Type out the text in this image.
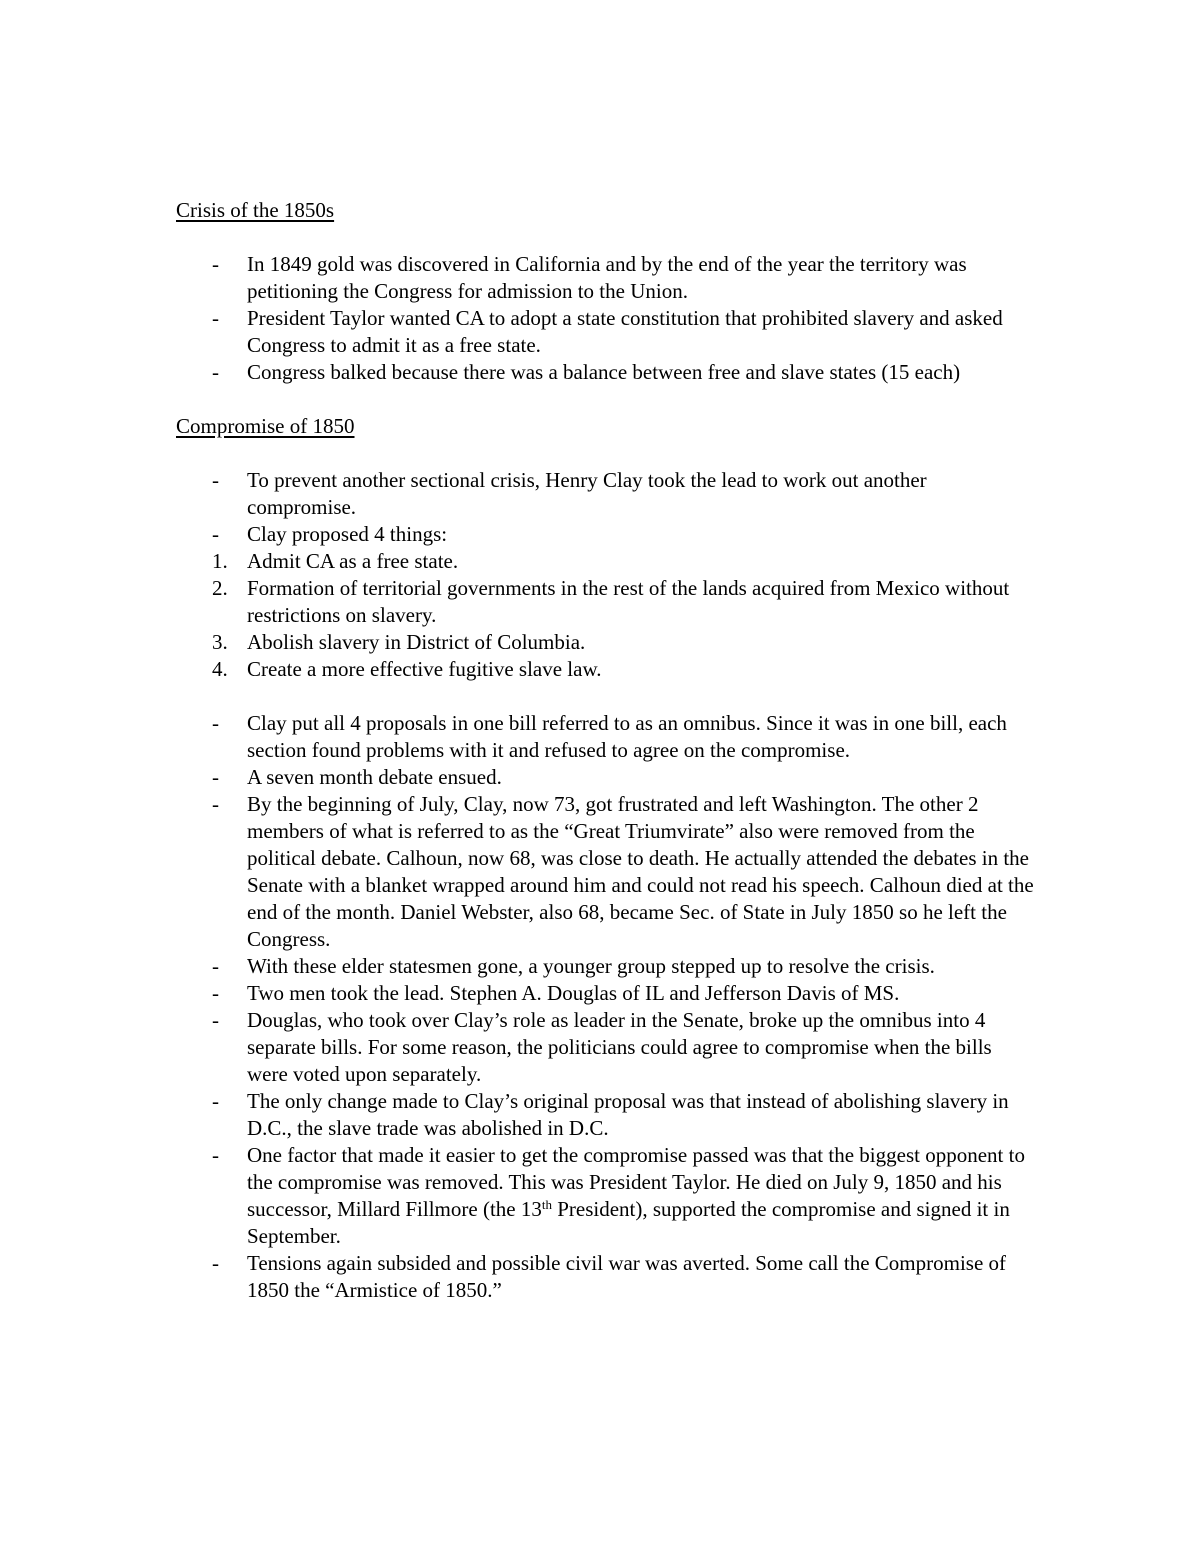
Crisis of the 1850s

-	In 1849 gold was discovered in California and by the end of the year the territory was petitioning the Congress for admission to the Union.
-	President Taylor wanted CA to adopt a state constitution that prohibited slavery and asked Congress to admit it as a free state.
-	Congress balked because there was a balance between free and slave states (15 each)

Compromise of 1850

-	To prevent another sectional crisis, Henry Clay took the lead to work out another compromise.
-	Clay proposed 4 things:
1. Admit CA as a free state.
2. Formation of territorial governments in the rest of the lands acquired from Mexico without restrictions on slavery.
3. Abolish slavery in District of Columbia.
4. Create a more effective fugitive slave law.
-	Clay put all 4 proposals in one bill referred to as an omnibus. Since it was in one bill, each section found problems with it and refused to agree on the compromise.
-	A seven month debate ensued.
-	By the beginning of July, Clay, now 73, got frustrated and left Washington. The other 2 members of what is referred to as the “Great Triumvirate” also were removed from the political debate. Calhoun, now 68, was close to death. He actually attended the debates in the Senate with a blanket wrapped around him and could not read his speech. Calhoun died at the end of the month. Daniel Webster, also 68, became Sec. of State in July 1850 so he left the Congress.
-	With these elder statesmen gone, a younger group stepped up to resolve the crisis.
-	Two men took the lead. Stephen A. Douglas of IL and Jefferson Davis of MS.
-	Douglas, who took over Clay’s role as leader in the Senate, broke up the omnibus into 4 separate bills. For some reason, the politicians could agree to compromise when the bills were voted upon separately.
-	The only change made to Clay’s original proposal was that instead of abolishing slavery in D.C., the slave trade was abolished in D.C.
-	One factor that made it easier to get the compromise passed was that the biggest opponent to the compromise was removed. This was President Taylor. He died on July 9, 1850 and his successor, Millard Fillmore (the 13th President), supported the compromise and signed it in September.
-	Tensions again subsided and possible civil war was averted. Some call the Compromise of 1850 the “Armistice of 1850.”
